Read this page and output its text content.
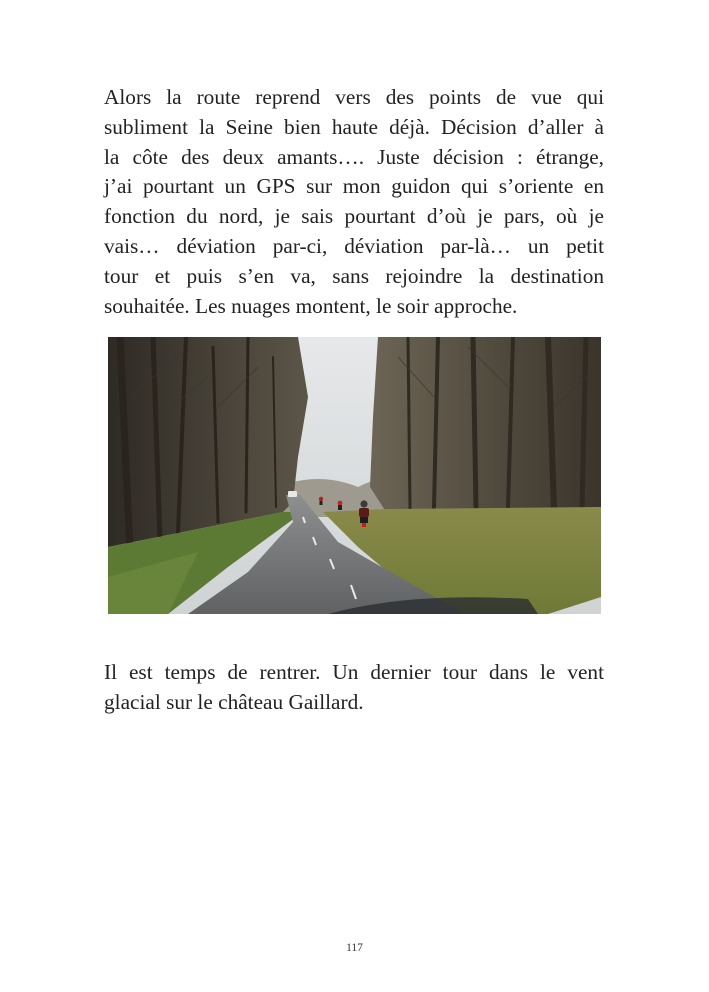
Alors la route reprend vers des points de vue qui
subliment la Seine bien haute déjà. Décision d’aller à
la côte des deux amants…. Juste décision : étrange,
j’ai pourtant un GPS sur mon guidon qui s’oriente en
fonction du nord, je sais pourtant d’où je pars, où je
vais… déviation par-ci, déviation par-là… un petit
tour et puis s’en va, sans rejoindre la destination
souhaitée. Les nuages montent, le soir approche.
Il est temps de rentrer. Un dernier tour dans le vent
glacial sur le château Gaillard.
117
